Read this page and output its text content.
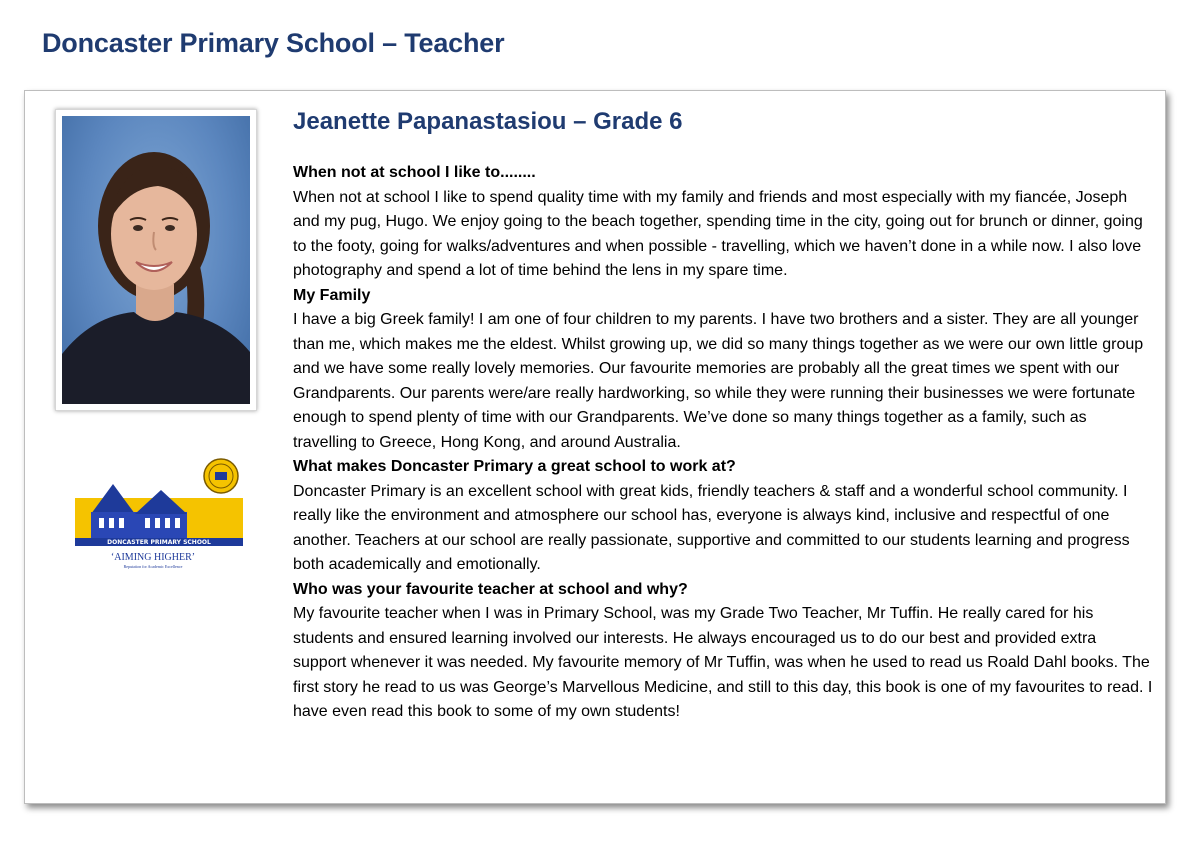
Doncaster Primary School – Teacher
DONCASTER PRIMARY SCHOOL
‘AIMING HIGHER’
Reputation for Academic Excellence
Jeanette Papanastasiou – Grade 6
When not at school I like to........

When not at school I like to spend quality time with my family and friends and most especially with my fiancée, Joseph and my pug, Hugo. We enjoy going to the beach together, spending time in the city, going out for brunch or dinner, going to the footy, going for walks/adventures and when possible - travelling, which we haven’t done in a while now. I also love photography and spend a lot of time behind the lens in my spare time.

My Family

I have a big Greek family! I am one of four children to my parents. I have two brothers and a sister. They are all younger than me, which makes me the eldest. Whilst growing up, we did so many things together as we were our own little group and we have some really lovely memories. Our favourite memories are probably all the great times we spent with our Grandparents. Our parents were/are really hardworking, so while they were running their businesses we were fortunate enough to spend plenty of time with our Grandparents. We’ve done so many things together as a family, such as travelling to Greece, Hong Kong, and around Australia.

What makes Doncaster Primary a great school to work at?

Doncaster Primary is an excellent school with great kids, friendly teachers & staff and a wonderful school community. I really like the environment and atmosphere our school has, everyone is always kind, inclusive and respectful of one another. Teachers at our school are really passionate, supportive and committed to our students learning and progress both academically and emotionally.

Who was your favourite teacher at school and why?

My favourite teacher when I was in Primary School, was my Grade Two Teacher, Mr Tuffin. He really cared for his students and ensured learning involved our interests. He always encouraged us to do our best and provided extra support whenever it was needed. My favourite memory of Mr Tuffin, was when he used to read us Roald Dahl books. The first story he read to us was George’s Marvellous Medicine, and still to this day, this book is one of my favourites to read. I have even read this book to some of my own students!
